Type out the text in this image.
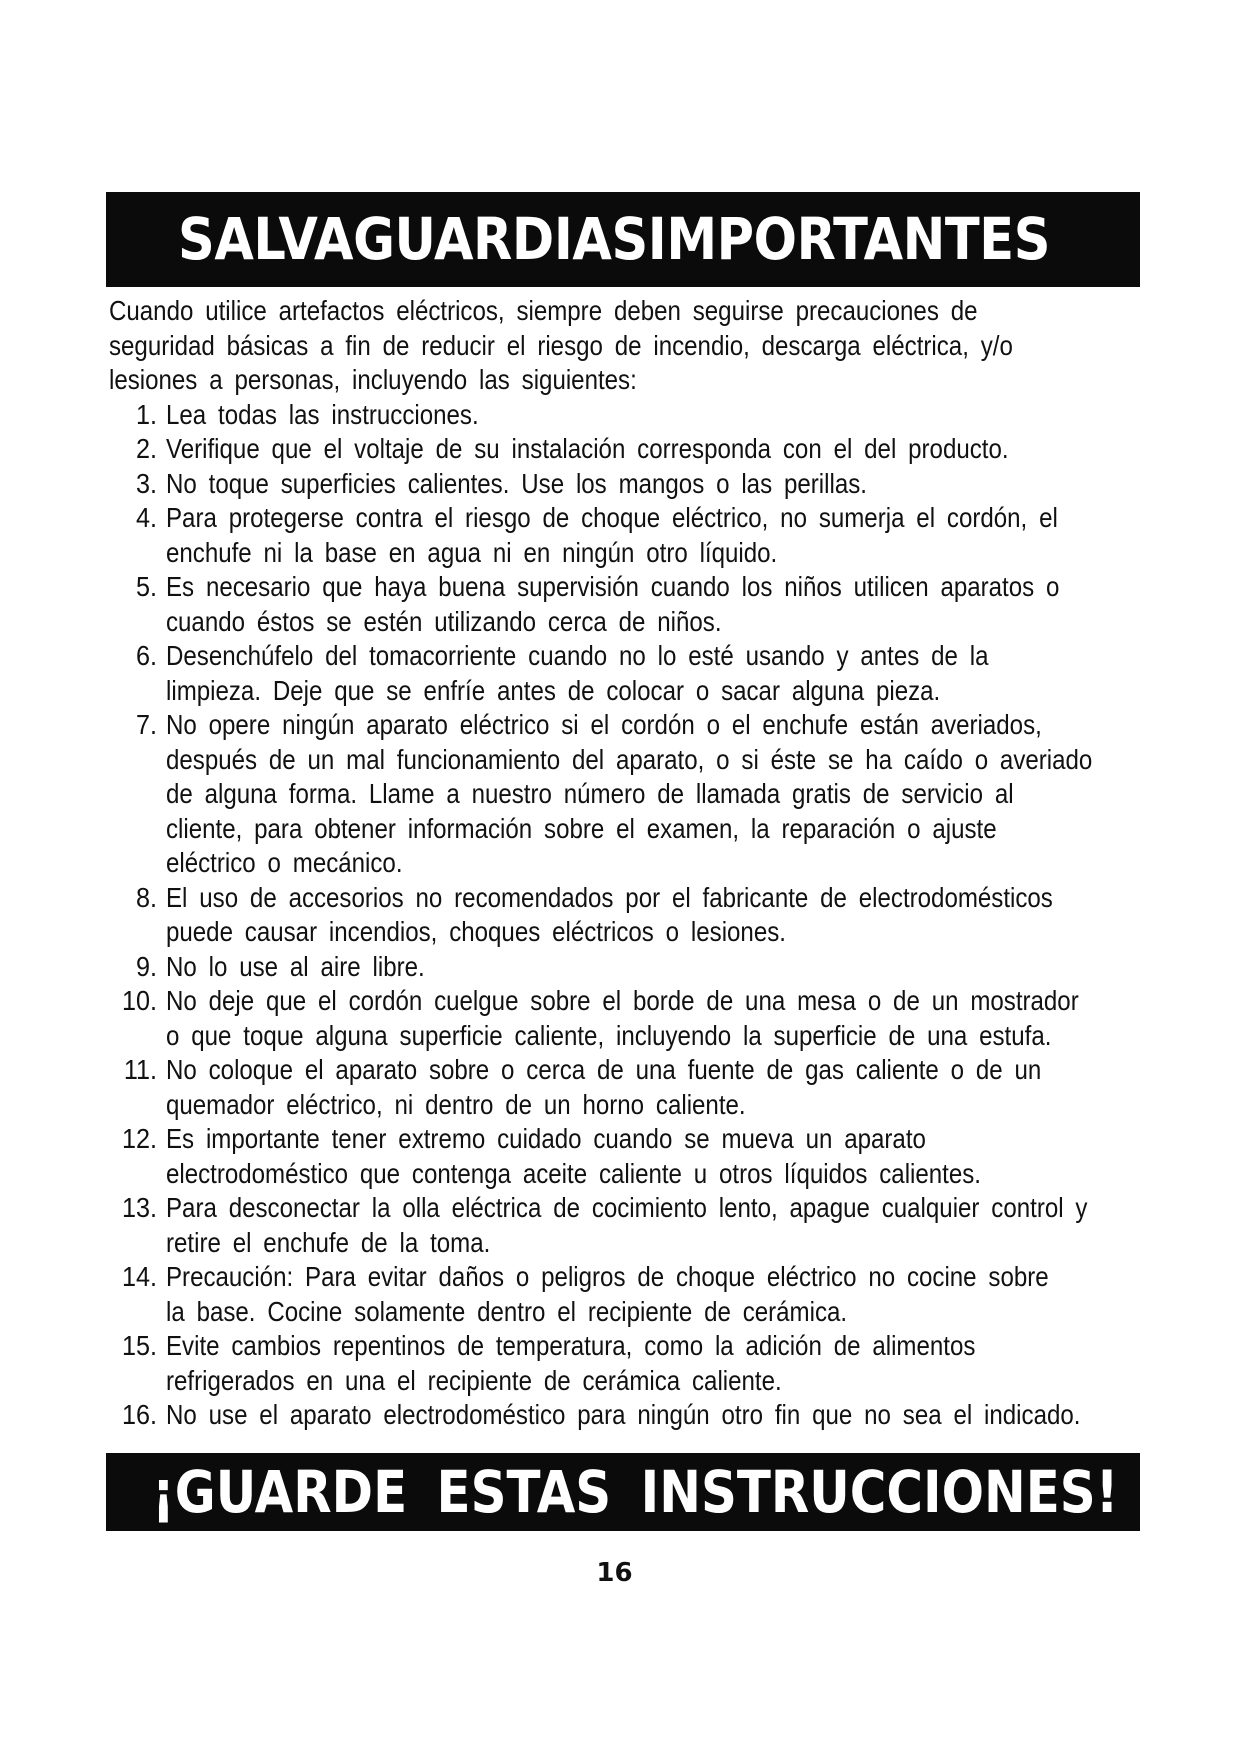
SALVAGUARDIASIMPORTANTES
Cuando utilice artefactos eléctricos, siempre deben seguirse precauciones de
seguridad básicas a fin de reducir el riesgo de incendio, descarga eléctrica, y/o
lesiones a personas, incluyendo las siguientes:
1. Lea todas las instrucciones.
2. Verifique que el voltaje de su instalación corresponda con el del producto.
3. No toque superficies calientes. Use los mangos o las perillas.
4. Para protegerse contra el riesgo de choque eléctrico, no sumerja el cordón, el
enchufe ni la base en agua ni en ningún otro líquido.
5. Es necesario que haya buena supervisión cuando los niños utilicen aparatos o
cuando éstos se estén utilizando cerca de niños.
6. Desenchúfelo del tomacorriente cuando no lo esté usando y antes de la
limpieza. Deje que se enfríe antes de colocar o sacar alguna pieza.
7. No opere ningún aparato eléctrico si el cordón o el enchufe están averiados,
después de un mal funcionamiento del aparato, o si éste se ha caído o averiado
de alguna forma. Llame a nuestro número de llamada gratis de servicio al
cliente, para obtener información sobre el examen, la reparación o ajuste
eléctrico o mecánico.
8. El uso de accesorios no recomendados por el fabricante de electrodomésticos
puede causar incendios, choques eléctricos o lesiones.
9. No lo use al aire libre.
10. No deje que el cordón cuelgue sobre el borde de una mesa o de un mostrador
o que toque alguna superficie caliente, incluyendo la superficie de una estufa.
11. No coloque el aparato sobre o cerca de una fuente de gas caliente o de un
quemador eléctrico, ni dentro de un horno caliente.
12. Es importante tener extremo cuidado cuando se mueva un aparato
electrodoméstico que contenga aceite caliente u otros líquidos calientes.
13. Para desconectar la olla eléctrica de cocimiento lento, apague cualquier control y
retire el enchufe de la toma.
14. Precaución: Para evitar daños o peligros de choque eléctrico no cocine sobre
la base. Cocine solamente dentro el recipiente de cerámica.
15. Evite cambios repentinos de temperatura, como la adición de alimentos
refrigerados en una el recipiente de cerámica caliente.
16. No use el aparato electrodoméstico para ningún otro fin que no sea el indicado.
¡GUARDE ESTAS INSTRUCCIONES!
16
